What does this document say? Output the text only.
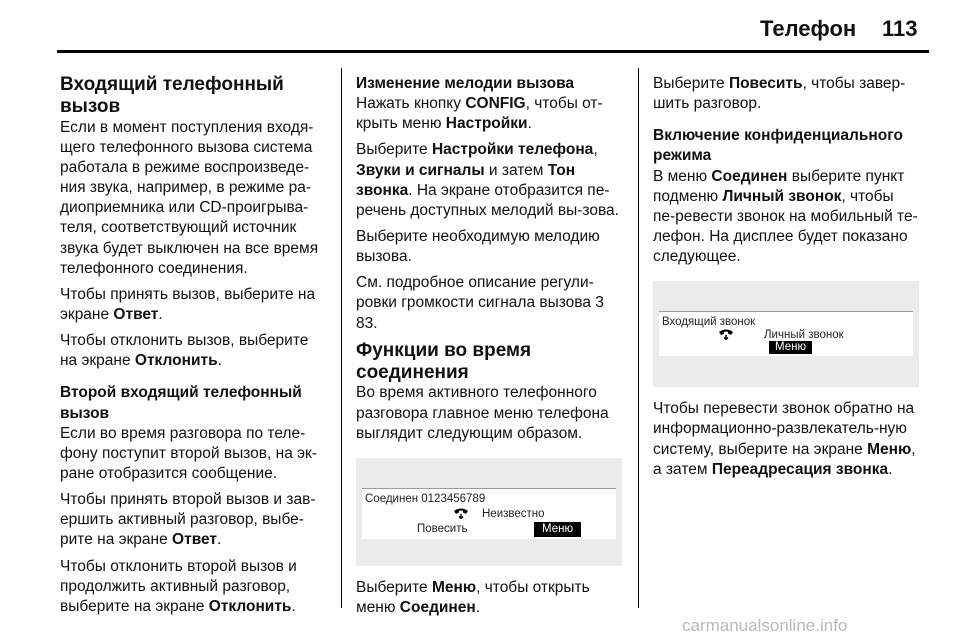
Телефон 113
Входящий телефонный вызов

Если в момент поступления входя-щего телефонного вызова система работала в режиме воспроизведе-ния звука, например, в режиме ра-диоприемника или CD-проигрыва-теля, соответствующий источник звука будет выключен на все время телефонного соединения.

Чтобы принять вызов, выберите на экране Ответ.

Чтобы отклонить вызов, выберите на экране Отклонить.

Второй входящий телефонный вызов

Если во время разговора по теле-фону поступит второй вызов, на эк-ране отобразится сообщение.

Чтобы принять второй вызов и зав-ершить активный разговор, выбе-рите на экране Ответ.

Чтобы отклонить второй вызов и продолжить активный разговор, выберите на экране Отклонить.

Изменение мелодии вызова

Нажать кнопку CONFIG, чтобы от-крыть меню Настройки.

Выберите Настройки телефона, Звуки и сигналы и затем Тон звонка. На экране отобразится пе-речень доступных мелодий вы-зова.

Выберите необходимую мелодию вызова.

См. подробное описание регули-ровки громкости сигнала вызова 3 83.

Функции во время соединения

Во время активного телефонного разговора главное меню телефона выглядит следующим образом.

Соединен 0123456789
Неизвестно
Повесить	Меню

Выберите Меню, чтобы открыть меню Соединен.

Выберите Повесить, чтобы завер-шить разговор.

Включение конфиденциального режима

В меню Соединен выберите пункт подменю Личный звонок, чтобы пе-ревести звонок на мобильный те-лефон. На дисплее будет показано следующее.

Входящий звонок
Личный звонок
Меню

Чтобы перевести звонок обратно на информационно-развлекатель-ную систему, выберите на экране Меню, а затем Переадресация звонка.

carmanualsonline.info
